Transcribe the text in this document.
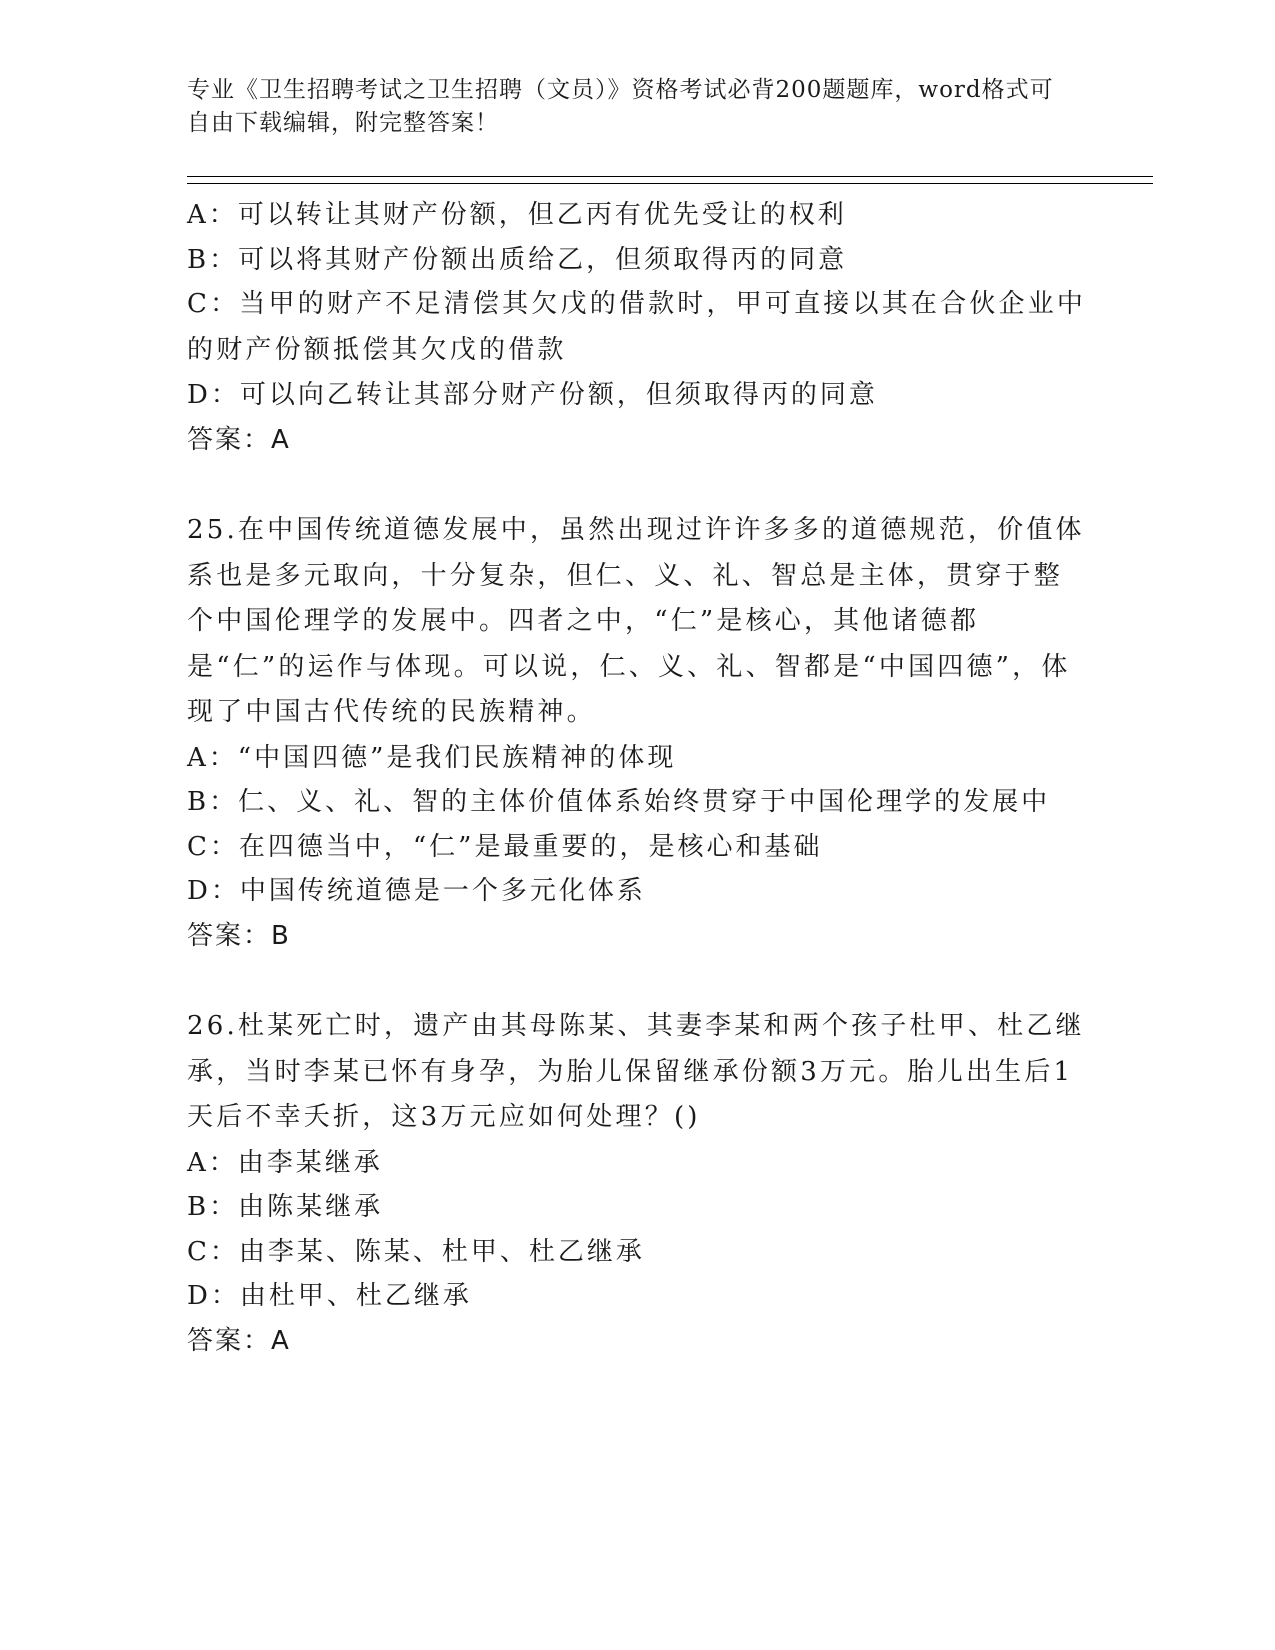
专业《卫生招聘考试之卫生招聘（文员）》资格考试必背200题题库，word格式可自由下载编辑，附完整答案！
A：可以转让其财产份额，但乙丙有优先受让的权利
B：可以将其财产份额出质给乙，但须取得丙的同意
C：当甲的财产不足清偿其欠戊的借款时，甲可直接以其在合伙企业中的财产份额抵偿其欠戊的借款
D：可以向乙转让其部分财产份额，但须取得丙的同意
答案：A
25.在中国传统道德发展中，虽然出现过许许多多的道德规范，价值体系也是多元取向，十分复杂，但仁、义、礼、智总是主体，贯穿于整个中国伦理学的发展中。四者之中，“仁”是核心，其他诸德都是“仁”的运作与体现。可以说，仁、义、礼、智都是“中国四德”，体现了中国古代传统的民族精神。
A：“中国四德”是我们民族精神的体现
B：仁、义、礼、智的主体价值体系始终贯穿于中国伦理学的发展中
C：在四德当中，“仁”是最重要的，是核心和基础
D：中国传统道德是一个多元化体系
答案：B
26.杜某死亡时，遗产由其母陈某、其妻李某和两个孩子杜甲、杜乙继承，当时李某已怀有身孕，为胎儿保留继承份额3万元。胎儿出生后1天后不幸夭折，这3万元应如何处理？()
A：由李某继承
B：由陈某继承
C：由李某、陈某、杜甲、杜乙继承
D：由杜甲、杜乙继承
答案：A
